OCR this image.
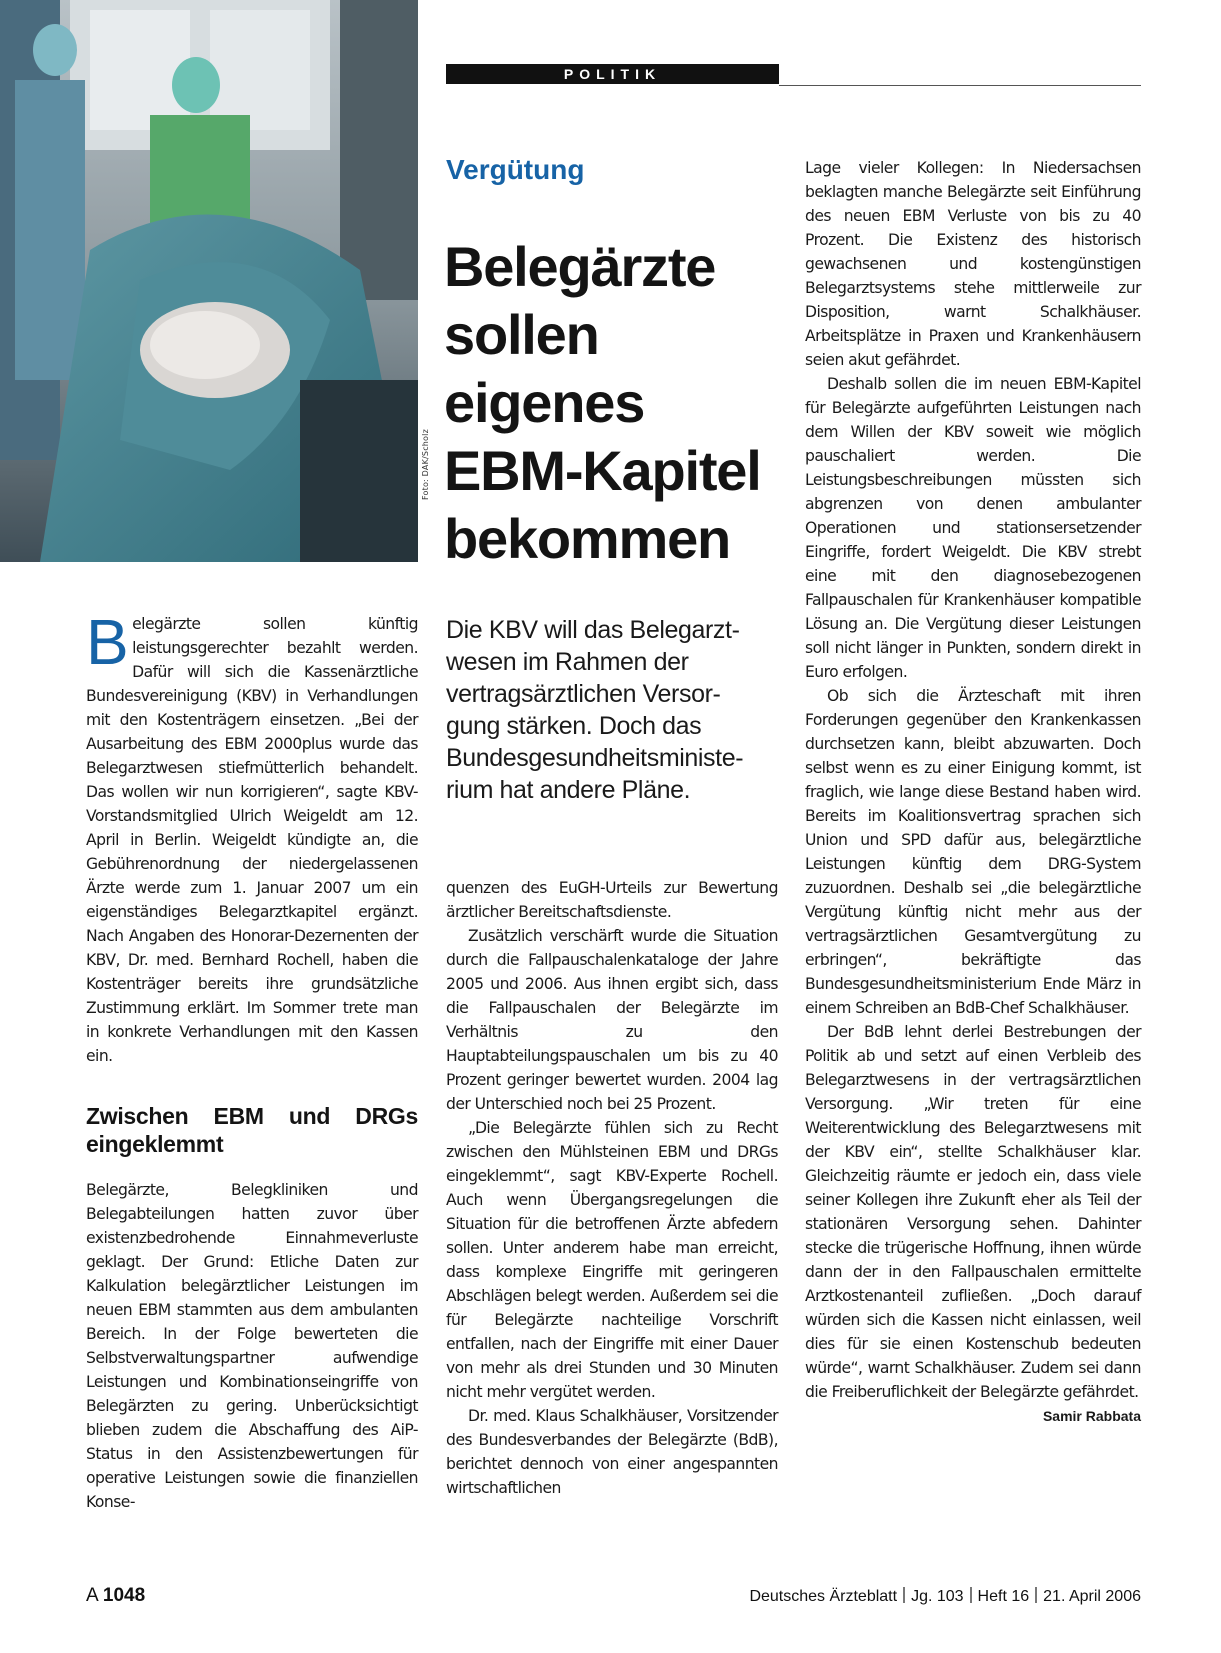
Foto: DAK/Scholz
POLITIK
Vergütung
Belegärzte sollen eigenes EBM-Kapitel bekommen

Die KBV will das Belegarztwesen im Rahmen der vertragsärztlichen Versorgung stärken. Doch das Bundesgesundheitsministerium hat andere Pläne.

Belegärzte sollen künftig leistungsgerechter bezahlt werden. Dafür will sich die Kassenärztliche Bundesvereinigung (KBV) in Verhandlungen mit den Kostenträgern einsetzen. „Bei der Ausarbeitung des EBM 2000plus wurde das Belegarztwesen stiefmütterlich behandelt. Das wollen wir nun korrigieren“, sagte KBV-Vorstandsmitglied Ulrich Weigeldt am 12. April in Berlin. Weigeldt kündigte an, die Gebührenordnung der niedergelassenen Ärzte werde zum 1. Januar 2007 um ein eigenständiges Belegarztkapitel ergänzt. Nach Angaben des Honorar-Dezernenten der KBV, Dr. med. Bernhard Rochell, haben die Kostenträger bereits ihre grundsätzliche Zustimmung erklärt. Im Sommer trete man in konkrete Verhandlungen mit den Kassen ein.

Zwischen EBM und DRGs eingeklemmt

Belegärzte, Belegkliniken und Belegabteilungen hatten zuvor über existenzbedrohende Einnahmeverluste geklagt. Der Grund: Etliche Daten zur Kalkulation belegärztlicher Leistungen im neuen EBM stammten aus dem ambulanten Bereich. In der Folge bewerteten die Selbstverwaltungspartner aufwendige Leistungen und Kombinationseingriffe von Belegärzten zu gering. Unberücksichtigt blieben zudem die Abschaffung des AiP-Status in den Assistenzbewertungen für operative Leistungen sowie die finanziellen Konse-

quenzen des EuGH-Urteils zur Bewertung ärztlicher Bereitschaftsdienste.

Zusätzlich verschärft wurde die Situation durch die Fallpauschalenkataloge der Jahre 2005 und 2006. Aus ihnen ergibt sich, dass die Fallpauschalen der Belegärzte im Verhältnis zu den Hauptabteilungspauschalen um bis zu 40 Prozent geringer bewertet wurden. 2004 lag der Unterschied noch bei 25 Prozent.

„Die Belegärzte fühlen sich zu Recht zwischen den Mühlsteinen EBM und DRGs eingeklemmt“, sagt KBV-Experte Rochell. Auch wenn Übergangsregelungen die Situation für die betroffenen Ärzte abfedern sollen. Unter anderem habe man erreicht, dass komplexe Eingriffe mit geringeren Abschlägen belegt werden. Außerdem sei die für Belegärzte nachteilige Vorschrift entfallen, nach der Eingriffe mit einer Dauer von mehr als drei Stunden und 30 Minuten nicht mehr vergütet werden.

Dr. med. Klaus Schalkhäuser, Vorsitzender des Bundesverbandes der Belegärzte (BdB), berichtet dennoch von einer angespannten wirtschaftlichen

Lage vieler Kollegen: In Niedersachsen beklagten manche Belegärzte seit Einführung des neuen EBM Verluste von bis zu 40 Prozent. Die Existenz des historisch gewachsenen und kostengünstigen Belegarztsystems stehe mittlerweile zur Disposition, warnt Schalkhäuser. Arbeitsplätze in Praxen und Krankenhäusern seien akut gefährdet.

Deshalb sollen die im neuen EBM-Kapitel für Belegärzte aufgeführten Leistungen nach dem Willen der KBV soweit wie möglich pauschaliert werden. Die Leistungsbeschreibungen müssten sich abgrenzen von denen ambulanter Operationen und stationsersetzender Eingriffe, fordert Weigeldt. Die KBV strebt eine mit den diagnosebezogenen Fallpauschalen für Krankenhäuser kompatible Lösung an. Die Vergütung dieser Leistungen soll nicht länger in Punkten, sondern direkt in Euro erfolgen.

Ob sich die Ärzteschaft mit ihren Forderungen gegenüber den Krankenkassen durchsetzen kann, bleibt abzuwarten. Doch selbst wenn es zu einer Einigung kommt, ist fraglich, wie lange diese Bestand haben wird. Bereits im Koalitionsvertrag sprachen sich Union und SPD dafür aus, belegärztliche Leistungen künftig dem DRG-System zuzuordnen. Deshalb sei „die belegärztliche Vergütung künftig nicht mehr aus der vertragsärztlichen Gesamtvergütung zu erbringen“, bekräftigte das Bundesgesundheitsministerium Ende März in einem Schreiben an BdB-Chef Schalkhäuser.

Der BdB lehnt derlei Bestrebungen der Politik ab und setzt auf einen Verbleib des Belegarztwesens in der vertragsärztlichen Versorgung. „Wir treten für eine Weiterentwicklung des Belegarztwesens mit der KBV ein“, stellte Schalkhäuser klar. Gleichzeitig räumte er jedoch ein, dass viele seiner Kollegen ihre Zukunft eher als Teil der stationären Versorgung sehen. Dahinter stecke die trügerische Hoffnung, ihnen würde dann der in den Fallpauschalen ermittelte Arztkostenanteil zufließen. „Doch darauf würden sich die Kassen nicht einlassen, weil dies für sie einen Kostenschub bedeuten würde“, warnt Schalkhäuser. Zudem sei dann die Freiberuflichkeit der Belegärzte gefährdet.
Samir Rabbata

A 1048	Deutsches Ärzteblatt Jg. 103 Heft 16 21. April 2006
